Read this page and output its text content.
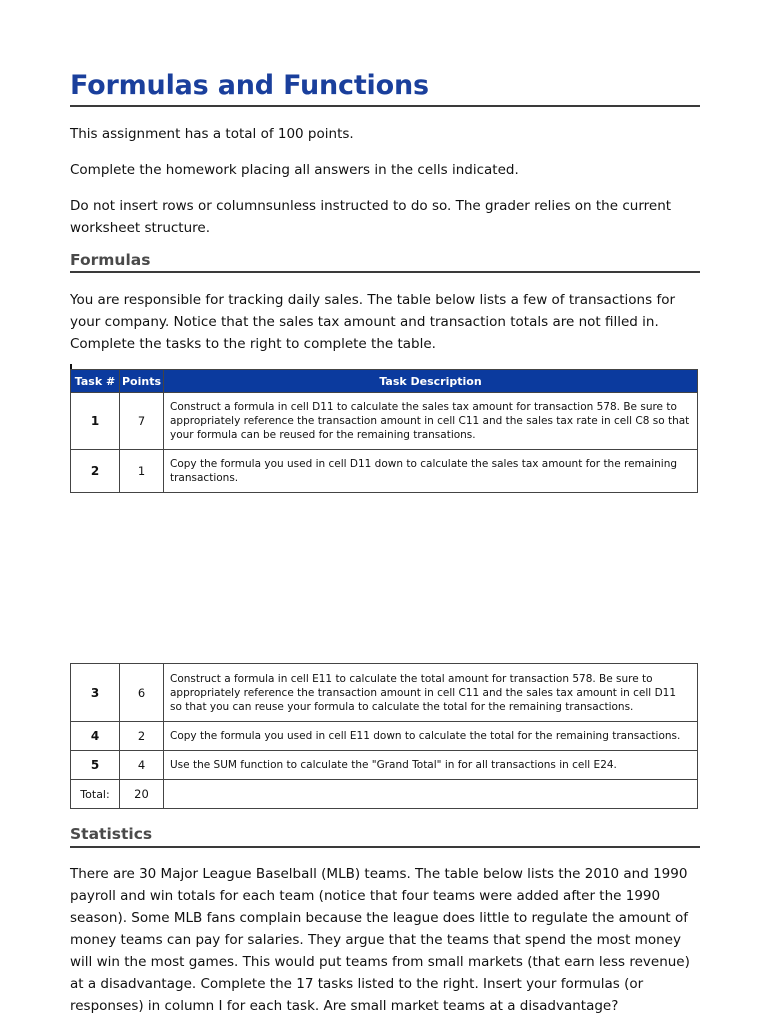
Formulas and Functions
This assignment has a total of 100 points.
Complete the homework placing all answers in the cells indicated.
Do not insert rows or columnsunless instructed to do so. The grader relies on the current worksheet structure.
Formulas
You are responsible for tracking daily sales. The table below lists a few of transactions for your company. Notice that the sales tax amount and transaction totals are not filled in. Complete the tasks to the right to complete the table.
Task #	Points	Task Description
1	7	Construct a formula in cell D11 to calculate the sales tax amount for transaction 578. Be sure to appropriately reference the transaction amount in cell C11 and the sales tax rate in cell C8 so that your formula can be reused for the remaining transations.
2	1	Copy the formula you used in cell D11 down to calculate the sales tax amount for the remaining transactions.
3	6	Construct a formula in cell E11 to calculate the total amount for transaction 578. Be sure to appropriately reference the transaction amount in cell C11 and the sales tax amount in cell D11 so that you can reuse your formula to calculate the total for the remaining transactions.
4	2	Copy the formula you used in cell E11 down to calculate the total for the remaining transactions.
5	4	Use the SUM function to calculate the "Grand Total" in for all transactions in cell E24.
Total:	20	
Statistics
There are 30 Major League Baselball (MLB) teams. The table below lists the 2010 and 1990 payroll and win totals for each team (notice that four teams were added after the 1990 season). Some MLB fans complain because the league does little to regulate the amount of money teams can pay for salaries. They argue that the teams that spend the most money will win the most games. This would put teams from small markets (that earn less revenue) at a disadvantage. Complete the 17 tasks listed to the right. Insert your formulas (or responses) in column I for each task. Are small market teams at a disadvantage?
